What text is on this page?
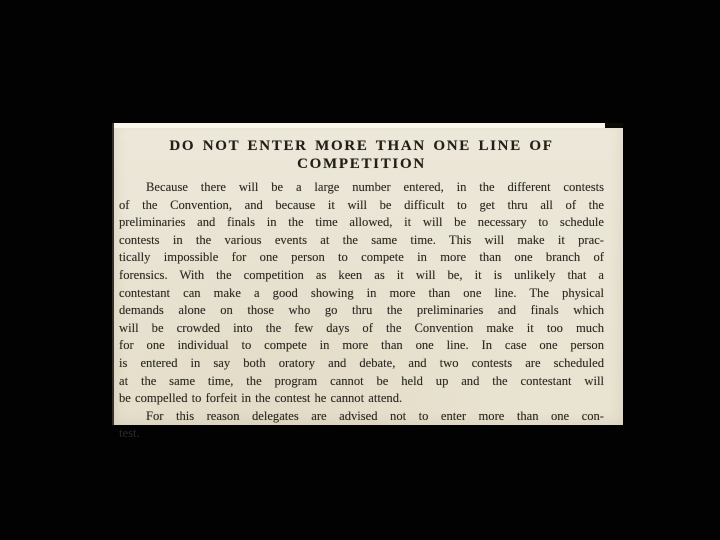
DO NOT ENTER MORE THAN ONE LINE OF COMPETITION

Because there will be a large number entered, in the different contests

of the Convention, and because it will be difficult to get thru all of the

preliminaries and finals in the time allowed, it will be necessary to schedule

contests in the various events at the same time. This will make it prac-

tically impossible for one person to compete in more than one branch of

forensics. With the competition as keen as it will be, it is unlikely that a

contestant can make a good showing in more than one line. The physical

demands alone on those who go thru the preliminaries and finals which

will be crowded into the few days of the Convention make it too much

for one individual to compete in more than one line. In case one person

is entered in say both oratory and debate, and two contests are scheduled

at the same time, the program cannot be held up and the contestant will

be compelled to forfeit in the contest he cannot attend.

For this reason delegates are advised not to enter more than one con-

test.
